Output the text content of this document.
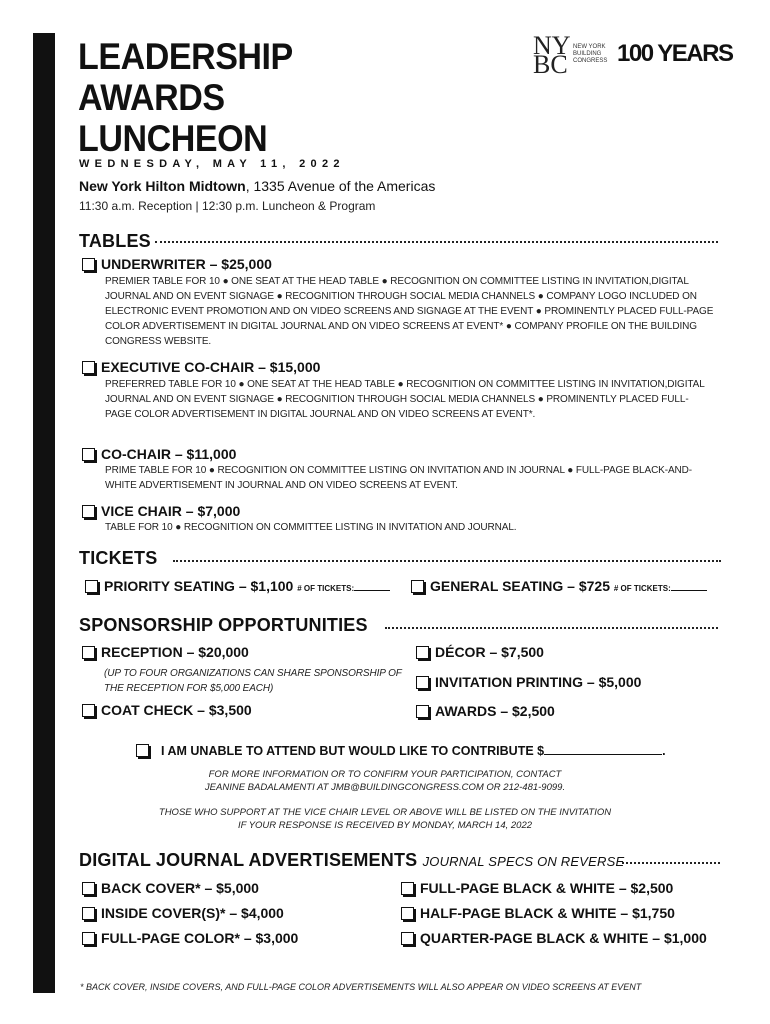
LEADERSHIP
AWARDS
LUNCHEON
WEDNESDAY, MAY 11, 2022
NY BC
NEW YORK
BUILDING
CONGRESS 100 YEARS
New York Hilton Midtown, 1335 Avenue of the Americas
11:30 a.m. Reception | 12:30 p.m. Luncheon & Program
TABLES
UNDERWRITER – $25,000
PREMIER TABLE FOR 10 ● ONE SEAT AT THE HEAD TABLE ● RECOGNITION ON COMMITTEE LISTING IN INVITATION,DIGITAL JOURNAL AND ON EVENT SIGNAGE ● RECOGNITION THROUGH SOCIAL MEDIA CHANNELS ● COMPANY LOGO INCLUDED ON ELECTRONIC EVENT PROMOTION AND ON VIDEO SCREENS AND SIGNAGE AT THE EVENT ● PROMINENTLY PLACED FULL-PAGE COLOR ADVERTISEMENT IN DIGITAL JOURNAL AND ON VIDEO SCREENS AT EVENT* ● COMPANY PROFILE ON THE BUILDING CONGRESS WEBSITE.
EXECUTIVE CO-CHAIR – $15,000
PREFERRED TABLE FOR 10 ● ONE SEAT AT THE HEAD TABLE ● RECOGNITION ON COMMITTEE LISTING IN INVITATION,DIGITAL JOURNAL AND ON EVENT SIGNAGE ● RECOGNITION THROUGH SOCIAL MEDIA CHANNELS ● PROMINENTLY PLACED FULL-PAGE COLOR ADVERTISEMENT IN DIGITAL JOURNAL AND ON VIDEO SCREENS AT EVENT*.
CO-CHAIR – $11,000
PRIME TABLE FOR 10 ● RECOGNITION ON COMMITTEE LISTING ON INVITATION AND IN JOURNAL ● FULL-PAGE BLACK-AND-WHITE ADVERTISEMENT IN JOURNAL AND ON VIDEO SCREENS AT EVENT.
VICE CHAIR – $7,000
TABLE FOR 10 ● RECOGNITION ON COMMITTEE LISTING IN INVITATION AND JOURNAL.
TICKETS
PRIORITY SEATING – $1,100 # OF TICKETS:	GENERAL SEATING – $725 # OF TICKETS:
SPONSORSHIP OPPORTUNITIES
RECEPTION – $20,000
(UP TO FOUR ORGANIZATIONS CAN SHARE SPONSORSHIP OF THE RECEPTION FOR $5,000 EACH)
COAT CHECK – $3,500
DÉCOR – $7,500
INVITATION PRINTING – $5,000
AWARDS – $2,500
I AM UNABLE TO ATTEND BUT WOULD LIKE TO CONTRIBUTE $	.
FOR MORE INFORMATION OR TO CONFIRM YOUR PARTICIPATION, CONTACT
JEANINE BADALAMENTI AT JMB@BUILDINGCONGRESS.COM OR 212-481-9099.
THOSE WHO SUPPORT AT THE VICE CHAIR LEVEL OR ABOVE WILL BE LISTED ON THE INVITATION
IF YOUR RESPONSE IS RECEIVED BY MONDAY, MARCH 14, 2022
DIGITAL JOURNAL ADVERTISEMENTS JOURNAL SPECS ON REVERSE
BACK COVER* – $5,000
INSIDE COVER(S)* – $4,000
FULL-PAGE COLOR* – $3,000
FULL-PAGE BLACK & WHITE – $2,500
HALF-PAGE BLACK & WHITE – $1,750
QUARTER-PAGE BLACK & WHITE – $1,000
* BACK COVER, INSIDE COVERS, AND FULL-PAGE COLOR ADVERTISEMENTS WILL ALSO APPEAR ON VIDEO SCREENS AT EVENT
